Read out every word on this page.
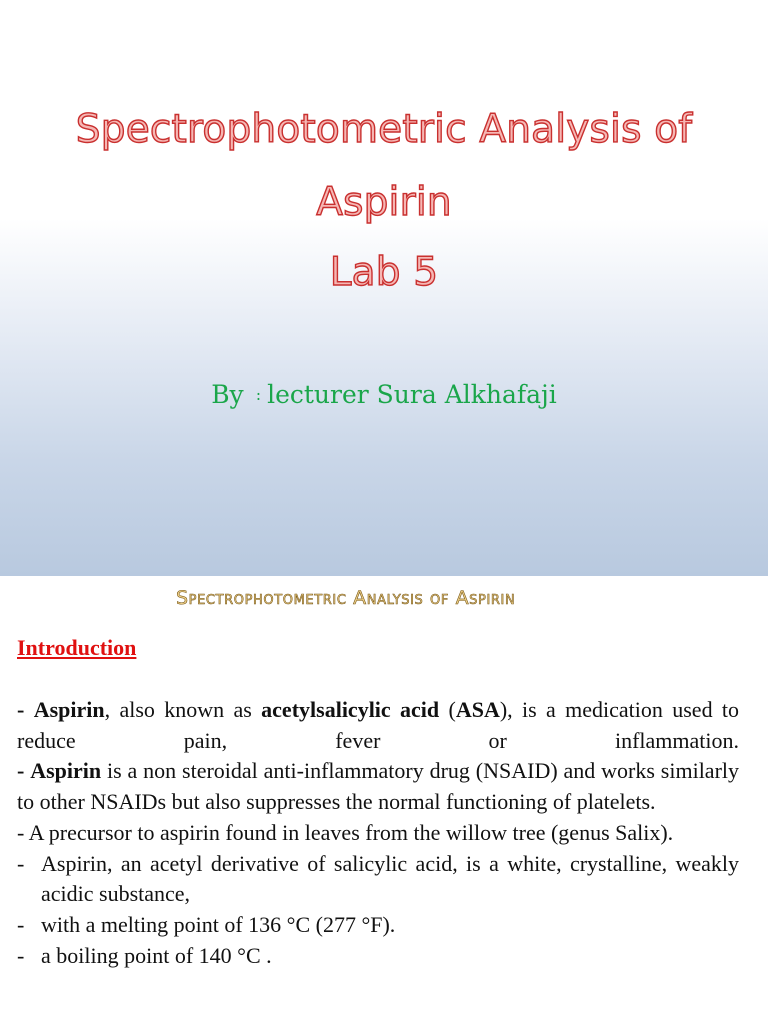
Spectrophotometric Analysis of
Aspirin
Lab 5
By : lecturer Sura Alkhafaji
Spectrophotometric Analysis of Aspirin
Introduction

- Aspirin, also known as acetylsalicylic acid (ASA), is a medication used to reduce pain, fever or inflammation.

- Aspirin is a non steroidal anti-inflammatory drug (NSAID) and works similarly to other NSAIDs but also suppresses the normal functioning of platelets.

- A precursor to aspirin found in leaves from the willow tree (genus Salix).

- Aspirin, an acetyl derivative of salicylic acid, is a white, crystalline, weakly acidic substance,
- with a melting point of 136 °C (277 °F).
- a boiling point of 140 °C .
